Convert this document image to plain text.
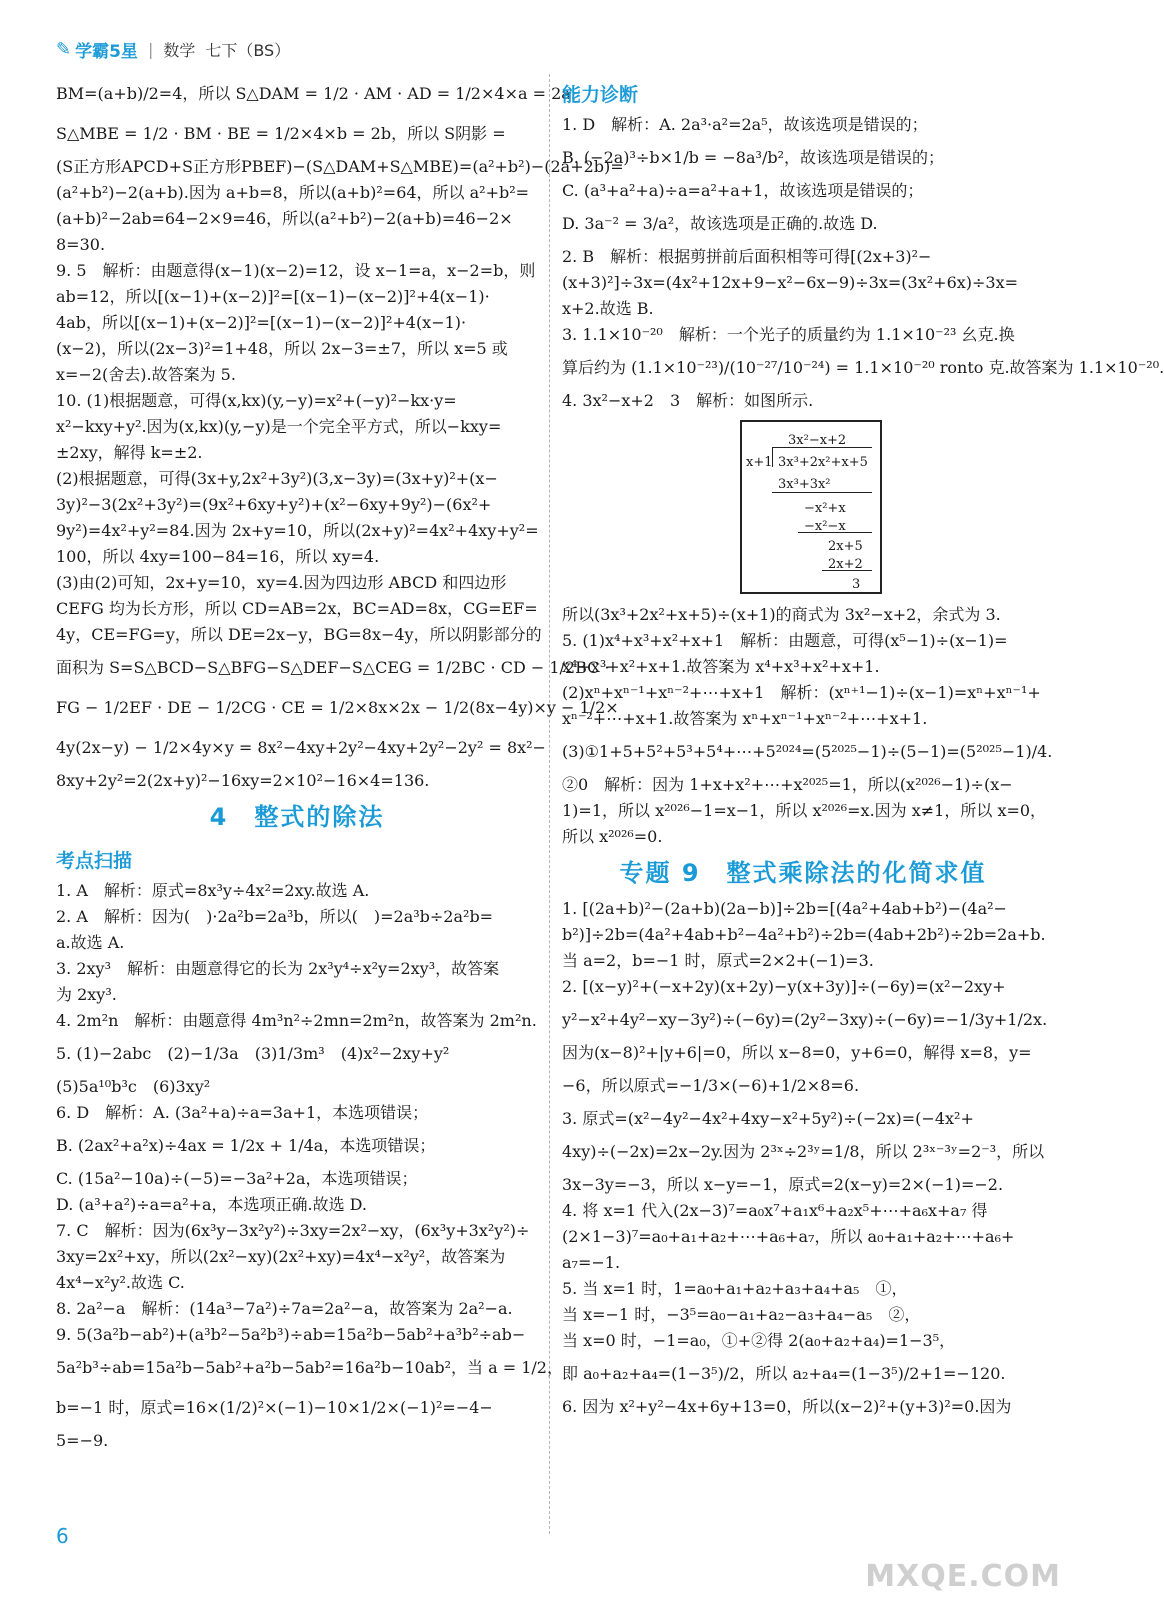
✎ 学霸5星 | 数学 七下（BS）
BM=(a+b)/2=4，所以 S△DAM = 1/2 · AM · AD = 1/2×4×a = 2a，
S△MBE = 1/2 · BM · BE = 1/2×4×b = 2b，所以 S阴影 =
(S正方形APCD+S正方形PBEF)−(S△DAM+S△MBE)=(a²+b²)−(2a+2b)=
(a²+b²)−2(a+b).因为 a+b=8，所以(a+b)²=64，所以 a²+b²=
(a+b)²−2ab=64−2×9=46，所以(a²+b²)−2(a+b)=46−2×
8=30.
9. 5　解析：由题意得(x−1)(x−2)=12，设 x−1=a，x−2=b，则
ab=12，所以[(x−1)+(x−2)]²=[(x−1)−(x−2)]²+4(x−1)·
4ab，所以[(x−1)+(x−2)]²=[(x−1)−(x−2)]²+4(x−1)·
(x−2)，所以(2x−3)²=1+48，所以 2x−3=±7，所以 x=5 或
x=−2(舍去).故答案为 5.
10. (1)根据题意，可得(x,kx)(y,−y)=x²+(−y)²−kx·y=
x²−kxy+y².因为(x,kx)(y,−y)是一个完全平方式，所以−kxy=
±2xy，解得 k=±2.
(2)根据题意，可得(3x+y,2x²+3y²)(3,x−3y)=(3x+y)²+(x−
3y)²−3(2x²+3y²)=(9x²+6xy+y²)+(x²−6xy+9y²)−(6x²+
9y²)=4x²+y²=84.因为 2x+y=10，所以(2x+y)²=4x²+4xy+y²=
100，所以 4xy=100−84=16，所以 xy=4.
(3)由(2)可知，2x+y=10，xy=4.因为四边形 ABCD 和四边形
CEFG 均为长方形，所以 CD=AB=2x，BC=AD=8x，CG=EF=
4y，CE=FG=y，所以 DE=2x−y，BG=8x−4y，所以阴影部分的
面积为 S=S△BCD−S△BFG−S△DEF−S△CEG = 1/2BC · CD − 1/2BC ·
FG − 1/2EF · DE − 1/2CG · CE = 1/2×8x×2x − 1/2(8x−4y)×y − 1/2×
4y(2x−y) − 1/2×4y×y = 8x²−4xy+2y²−4xy+2y²−2y² = 8x²−
8xy+2y²=2(2x+y)²−16xy=2×10²−16×4=136.
4　整式的除法
考点扫描
1. A　解析：原式=8x³y÷4x²=2xy.故选 A.
2. A　解析：因为(　)·2a²b=2a³b，所以(　)=2a³b÷2a²b=
a.故选 A.
3. 2xy³　解析：由题意得它的长为 2x³y⁴÷x²y=2xy³，故答案
为 2xy³.
4. 2m²n　解析：由题意得 4m³n²÷2mn=2m²n，故答案为 2m²n.
5. (1)−2abc　(2)−1/3a　(3)1/3m³　(4)x²−2xy+y²
(5)5a¹⁰b³c　(6)3xy²
6. D　解析：A. (3a²+a)÷a=3a+1，本选项错误；
B. (2ax²+a²x)÷4ax = 1/2x + 1/4a，本选项错误；
C. (15a²−10a)÷(−5)=−3a²+2a，本选项错误；
D. (a³+a²)÷a=a²+a，本选项正确.故选 D.
7. C　解析：因为(6x³y−3x²y²)÷3xy=2x²−xy，(6x³y+3x²y²)÷
3xy=2x²+xy，所以(2x²−xy)(2x²+xy)=4x⁴−x²y²，故答案为
4x⁴−x²y².故选 C.
8. 2a²−a　解析：(14a³−7a²)÷7a=2a²−a，故答案为 2a²−a.
9. 5(3a²b−ab²)+(a³b²−5a²b³)÷ab=15a²b−5ab²+a³b²÷ab−
5a²b³÷ab=15a²b−5ab²+a²b−5ab²=16a²b−10ab²，当 a = 1/2，
b=−1 时，原式=16×(1/2)²×(−1)−10×1/2×(−1)²=−4−
5=−9.
能力诊断
1. D　解析：A. 2a³·a²=2a⁵，故该选项是错误的；
B. (−2a)³÷b×1/b = −8a³/b²，故该选项是错误的；
C. (a³+a²+a)÷a=a²+a+1，故该选项是错误的；
D. 3a⁻² = 3/a²，故该选项是正确的.故选 D.
2. B　解析：根据剪拼前后面积相等可得[(2x+3)²−
(x+3)²]÷3x=(4x²+12x+9−x²−6x−9)÷3x=(3x²+6x)÷3x=
x+2.故选 B.
3. 1.1×10⁻²⁰　解析：一个光子的质量约为 1.1×10⁻²³ 幺克.换
算后约为 (1.1×10⁻²³)/(10⁻²⁷/10⁻²⁴) = 1.1×10⁻²⁰ ronto 克.故答案为 1.1×10⁻²⁰.
4. 3x²−x+2　3　解析：如图所示.
3x²−x+2
x+1 3x³+2x²+x+5
3x³+3x²
−x²+x
−x²−x
2x+5
2x+2
3
所以(3x³+2x²+x+5)÷(x+1)的商式为 3x²−x+2，余式为 3.
5. (1)x⁴+x³+x²+x+1　解析：由题意，可得(x⁵−1)÷(x−1)=
x⁴+x³+x²+x+1.故答案为 x⁴+x³+x²+x+1.
(2)xⁿ+xⁿ⁻¹+xⁿ⁻²+⋯+x+1　解析：(xⁿ⁺¹−1)÷(x−1)=xⁿ+xⁿ⁻¹+
xⁿ⁻²+⋯+x+1.故答案为 xⁿ+xⁿ⁻¹+xⁿ⁻²+⋯+x+1.
(3)①1+5+5²+5³+5⁴+⋯+5²⁰²⁴=(5²⁰²⁵−1)÷(5−1)=(5²⁰²⁵−1)/4.
②0　解析：因为 1+x+x²+⋯+x²⁰²⁵=1，所以(x²⁰²⁶−1)÷(x−
1)=1，所以 x²⁰²⁶−1=x−1，所以 x²⁰²⁶=x.因为 x≠1，所以 x=0，
所以 x²⁰²⁶=0.
专题 9　整式乘除法的化简求值
1. [(2a+b)²−(2a+b)(2a−b)]÷2b=[(4a²+4ab+b²)−(4a²−
b²)]÷2b=(4a²+4ab+b²−4a²+b²)÷2b=(4ab+2b²)÷2b=2a+b.
当 a=2，b=−1 时，原式=2×2+(−1)=3.
2. [(x−y)²+(−x+2y)(x+2y)−y(x+3y)]÷(−6y)=(x²−2xy+
y²−x²+4y²−xy−3y²)÷(−6y)=(2y²−3xy)÷(−6y)=−1/3y+1/2x.
因为(x−8)²+|y+6|=0，所以 x−8=0，y+6=0，解得 x=8，y=
−6，所以原式=−1/3×(−6)+1/2×8=6.
3. 原式=(x²−4y²−4x²+4xy−x²+5y²)÷(−2x)=(−4x²+
4xy)÷(−2x)=2x−2y.因为 2³ˣ÷2³ʸ=1/8，所以 2³ˣ⁻³ʸ=2⁻³，所以
3x−3y=−3，所以 x−y=−1，原式=2(x−y)=2×(−1)=−2.
4. 将 x=1 代入(2x−3)⁷=a₀x⁷+a₁x⁶+a₂x⁵+⋯+a₆x+a₇ 得
(2×1−3)⁷=a₀+a₁+a₂+⋯+a₆+a₇，所以 a₀+a₁+a₂+⋯+a₆+
a₇=−1.
5. 当 x=1 时，1=a₀+a₁+a₂+a₃+a₄+a₅　①，
当 x=−1 时，−3⁵=a₀−a₁+a₂−a₃+a₄−a₅　②，
当 x=0 时，−1=a₀，①+②得 2(a₀+a₂+a₄)=1−3⁵，
即 a₀+a₂+a₄=(1−3⁵)/2，所以 a₂+a₄=(1−3⁵)/2+1=−120.
6. 因为 x²+y²−4x+6y+13=0，所以(x−2)²+(y+3)²=0.因为
6
MXQE.COM
